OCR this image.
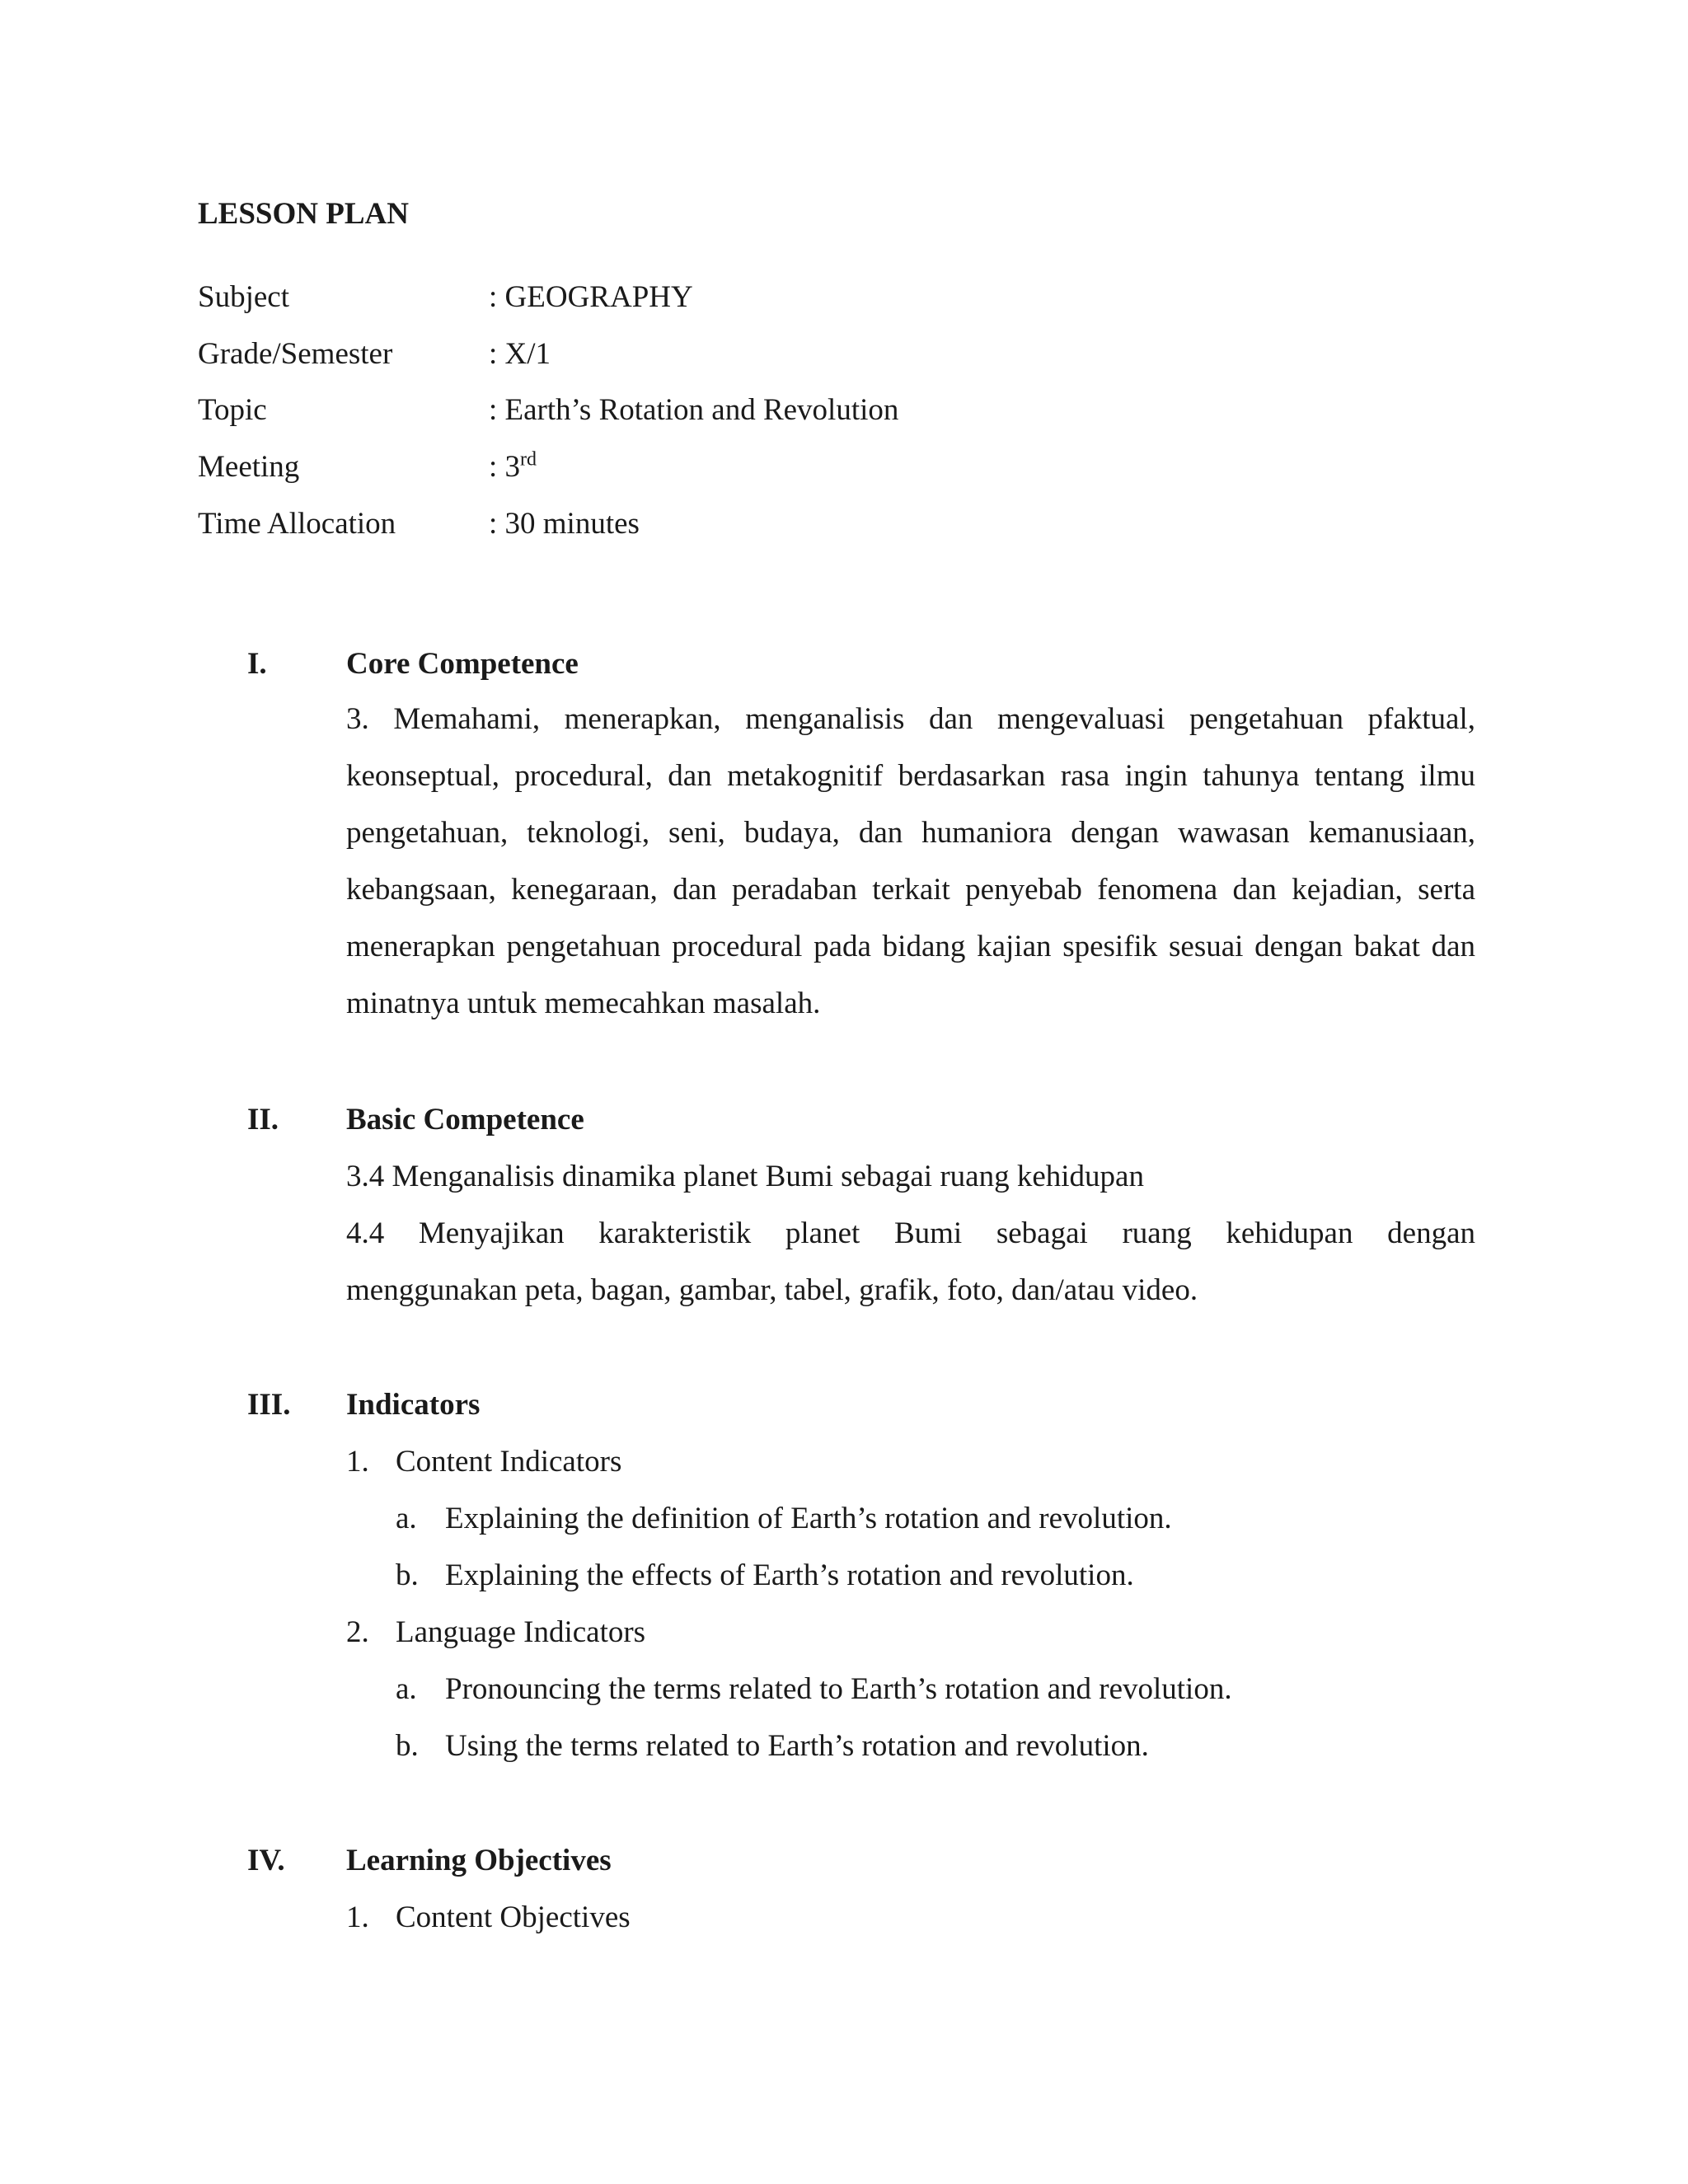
LESSON PLAN
Subject	: GEOGRAPHY
Grade/Semester	: X/1
Topic	: Earth’s Rotation and Revolution
Meeting	: 3rd
Time Allocation	: 30 minutes
I.	Core Competence
3. Memahami, menerapkan, menganalisis dan mengevaluasi pengetahuan pfaktual, keonseptual, procedural, dan metakognitif berdasarkan rasa ingin tahunya tentang ilmu pengetahuan, teknologi, seni, budaya, dan humaniora dengan wawasan kemanusiaan, kebangsaan, kenegaraan, dan peradaban terkait penyebab fenomena dan kejadian, serta menerapkan pengetahuan procedural pada bidang kajian spesifik sesuai dengan bakat dan minatnya untuk memecahkan masalah.
II. Basic Competence
3.4 Menganalisis dinamika planet Bumi sebagai ruang kehidupan
4.4 Menyajikan karakteristik planet Bumi sebagai ruang kehidupan dengan
menggunakan peta, bagan, gambar, tabel, grafik, foto, dan/atau video.
III. Indicators
1. Content Indicators
a. Explaining the definition of Earth’s rotation and revolution.
b. Explaining the effects of Earth’s rotation and revolution.
2. Language Indicators
a. Pronouncing the terms related to Earth’s rotation and revolution.
b. Using the terms related to Earth’s rotation and revolution.
IV. Learning Objectives
1. Content Objectives
